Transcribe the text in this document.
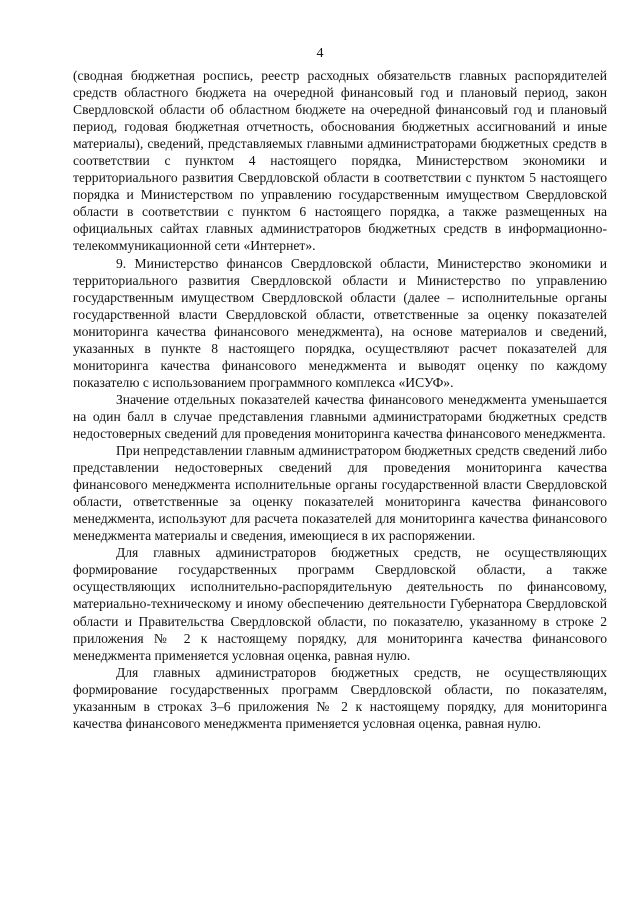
4

(сводная бюджетная роспись, реестр расходных обязательств главных распорядителей средств областного бюджета на очередной финансовый год и плановый период, закон Свердловской области об областном бюджете на очередной финансовый год и плановый период, годовая бюджетная отчетность, обоснования бюджетных ассигнований и иные материалы), сведений, представляемых главными администраторами бюджетных средств в соответствии с пунктом 4 настоящего порядка, Министерством экономики и территориального развития Свердловской области в соответствии с пунктом 5 настоящего порядка и Министерством по управлению государственным имуществом Свердловской области в соответствии с пунктом 6 настоящего порядка, а также размещенных на официальных сайтах главных администраторов бюджетных средств в информационно-телекоммуникационной сети «Интернет».

9. Министерство финансов Свердловской области, Министерство экономики и территориального развития Свердловской области и Министерство по управлению государственным имуществом Свердловской области (далее – исполнительные органы государственной власти Свердловской области, ответственные за оценку показателей мониторинга качества финансового менеджмента), на основе материалов и сведений, указанных в пункте 8 настоящего порядка, осуществляют расчет показателей для мониторинга качества финансового менеджмента и выводят оценку по каждому показателю с использованием программного комплекса «ИСУФ».

Значение отдельных показателей качества финансового менеджмента уменьшается на один балл в случае представления главными администраторами бюджетных средств недостоверных сведений для проведения мониторинга качества финансового менеджмента.

При непредставлении главным администратором бюджетных средств сведений либо представлении недостоверных сведений для проведения мониторинга качества финансового менеджмента исполнительные органы государственной власти Свердловской области, ответственные за оценку показателей мониторинга качества финансового менеджмента, используют для расчета показателей для мониторинга качества финансового менеджмента материалы и сведения, имеющиеся в их распоряжении.

Для главных администраторов бюджетных средств, не осуществляющих формирование государственных программ Свердловской области, а также осуществляющих исполнительно-распорядительную деятельность по финансовому, материально-техническому и иному обеспечению деятельности Губернатора Свердловской области и Правительства Свердловской области, по показателю, указанному в строке 2 приложения № 2 к настоящему порядку, для мониторинга качества финансового менеджмента применяется условная оценка, равная нулю.

Для главных администраторов бюджетных средств, не осуществляющих формирование государственных программ Свердловской области, по показателям, указанным в строках 3–6 приложения № 2 к настоящему порядку, для мониторинга качества финансового менеджмента применяется условная оценка, равная нулю.
